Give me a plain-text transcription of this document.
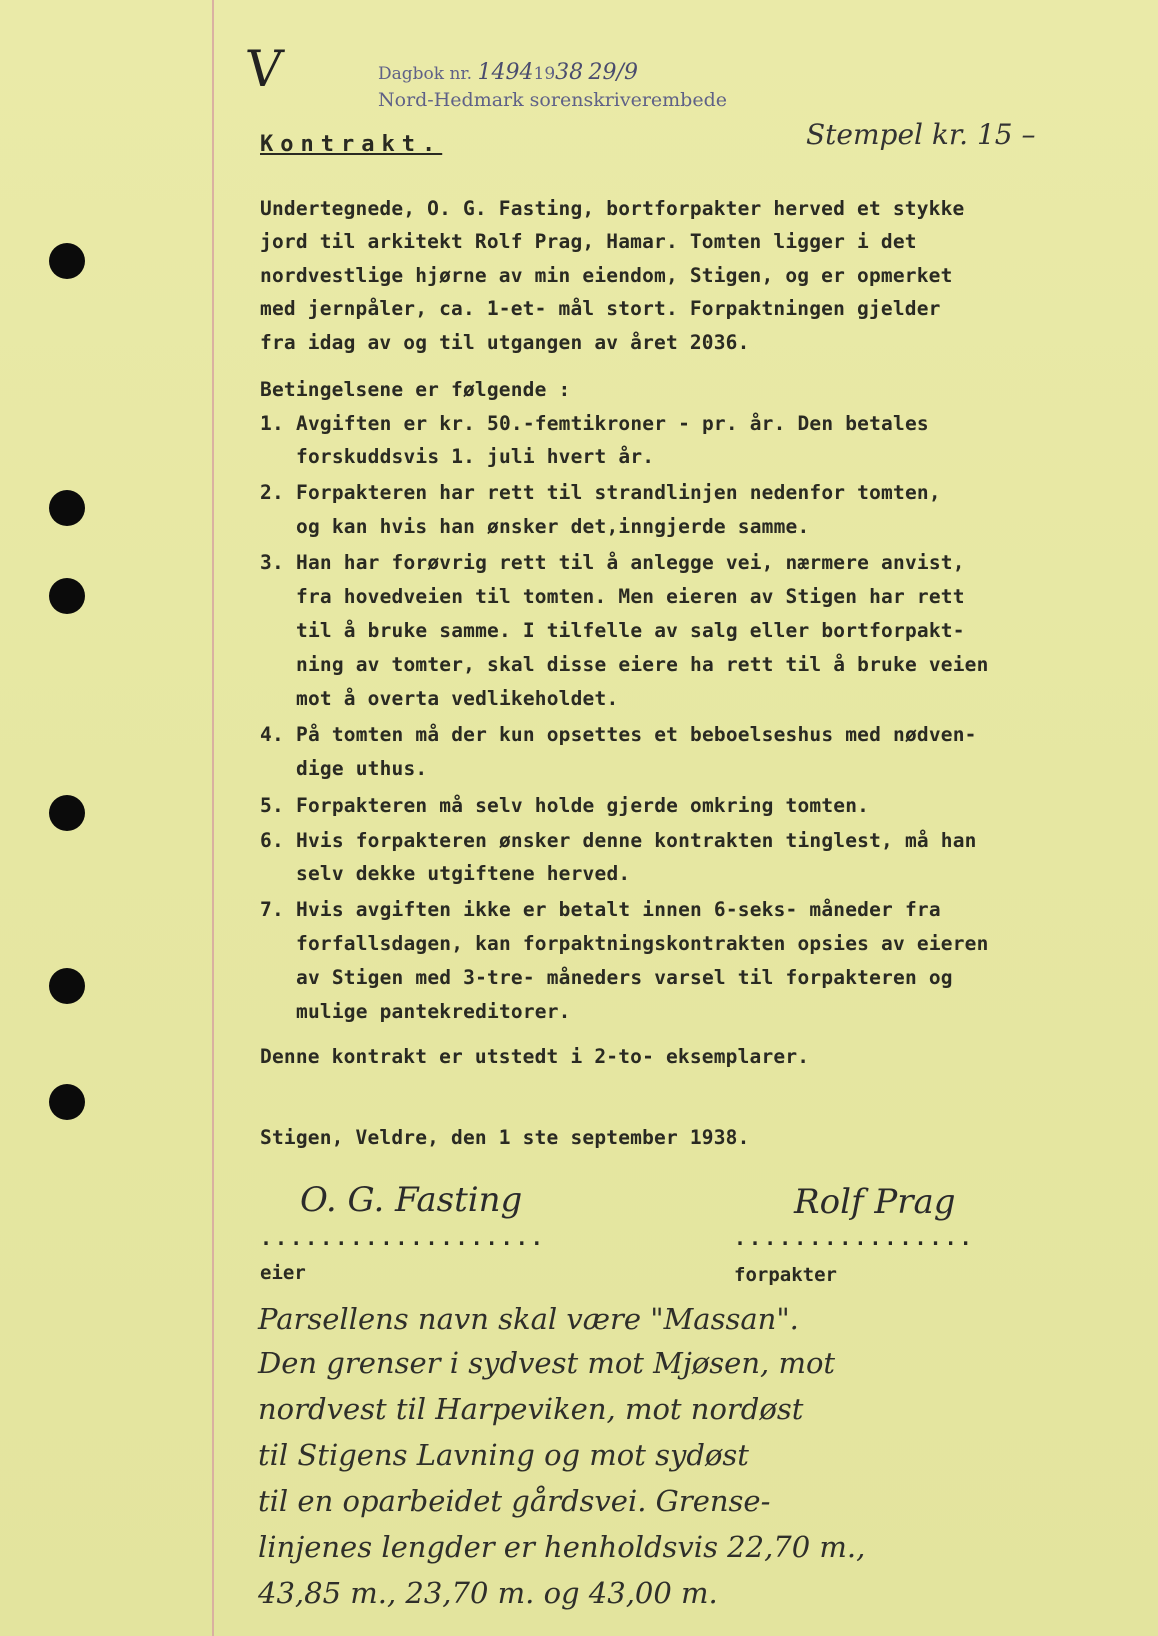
V	Dagbok nr. 14941938 29/9
Nord-Hedmark sorenskriverembede
Stempel kr. 15 –
Kontrakt.
Undertegnede, O. G. Fasting, bortforpakter herved et stykke
jord til arkitekt Rolf Prag, Hamar. Tomten ligger i det
nordvestlige hjørne av min eiendom, Stigen, og er opmerket
med jernpåler, ca. 1-et- mål stort. Forpaktningen gjelder
fra idag av og til utgangen av året 2036.
Betingelsene er følgende :
1. Avgiften er kr. 50.-femtikroner - pr. år. Den betales
forskuddsvis 1. juli hvert år.
2. Forpakteren har rett til strandlinjen nedenfor tomten,
og kan hvis han ønsker det,inngjerde samme.
3. Han har forøvrig rett til å anlegge vei, nærmere anvist,
fra hovedveien til tomten. Men eieren av Stigen har rett
til å bruke samme. I tilfelle av salg eller bortforpakt-
ning av tomter, skal disse eiere ha rett til å bruke veien
mot å overta vedlikeholdet.
4. På tomten må der kun opsettes et beboelseshus med nødven-
dige uthus.
5. Forpakteren må selv holde gjerde omkring tomten.
6. Hvis forpakteren ønsker denne kontrakten tinglest, må han
selv dekke utgiftene herved.
7. Hvis avgiften ikke er betalt innen 6-seks- måneder fra
forfallsdagen, kan forpaktningskontrakten opsies av eieren
av Stigen med 3-tre- måneders varsel til forpakteren og
mulige pantekreditorer.
Denne kontrakt er utstedt i 2-to- eksemplarer.
Stigen, Veldre, den 1 ste september 1938.
O. G. Fasting
...................
eier
Rolf Prag
................
forpakter
Parsellens navn skal være "Massan".
Den grenser i sydvest mot Mjøsen, mot
nordvest til Harpeviken, mot nordøst
til Stigens Lavning og mot sydøst
til en oparbeidet gårdsvei. Grense-
linjenes lengder er henholdsvis 22,70 m.,
43,85 m., 23,70 m. og 43,00 m.
